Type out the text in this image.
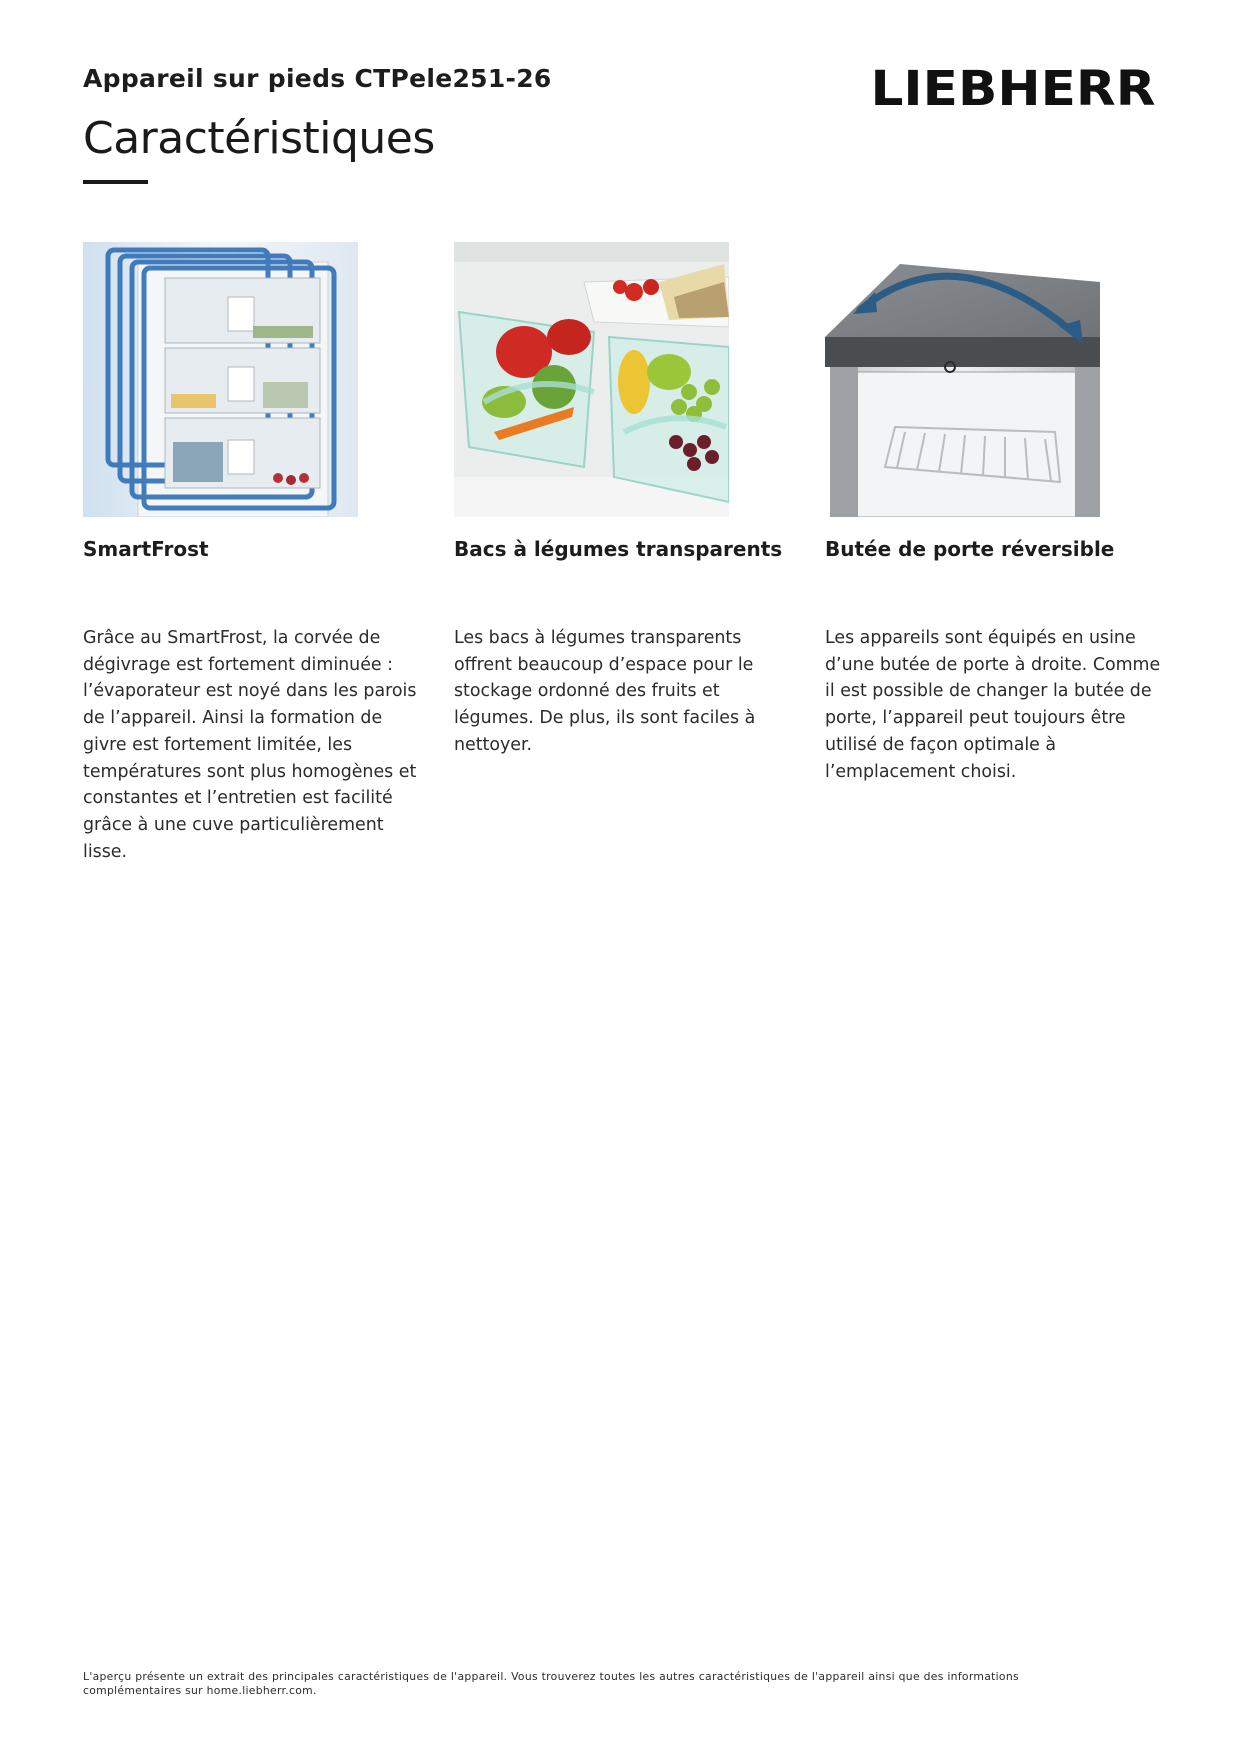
Appareil sur pieds CTPele251-26
Caractéristiques
LIEBHERR
SmartFrost
Grâce au SmartFrost, la corvée de dégivrage est fortement diminuée : l’évaporateur est noyé dans les parois de l’appareil. Ainsi la formation de givre est fortement limitée, les températures sont plus homogènes et constantes et l’entretien est facilité grâce à une cuve particulièrement lisse.
Bacs à légumes transparents
Les bacs à légumes transparents offrent beaucoup d’espace pour le stockage ordonné des fruits et légumes. De plus, ils sont faciles à nettoyer.
Butée de porte réversible
Les appareils sont équipés en usine d’une butée de porte à droite. Comme il est possible de changer la butée de porte, l’appareil peut toujours être utilisé de façon optimale à l’emplacement choisi.
L'aperçu présente un extrait des principales caractéristiques de l'appareil. Vous trouverez toutes les autres caractéristiques de l'appareil ainsi que des informations complémentaires sur home.liebherr.com.
